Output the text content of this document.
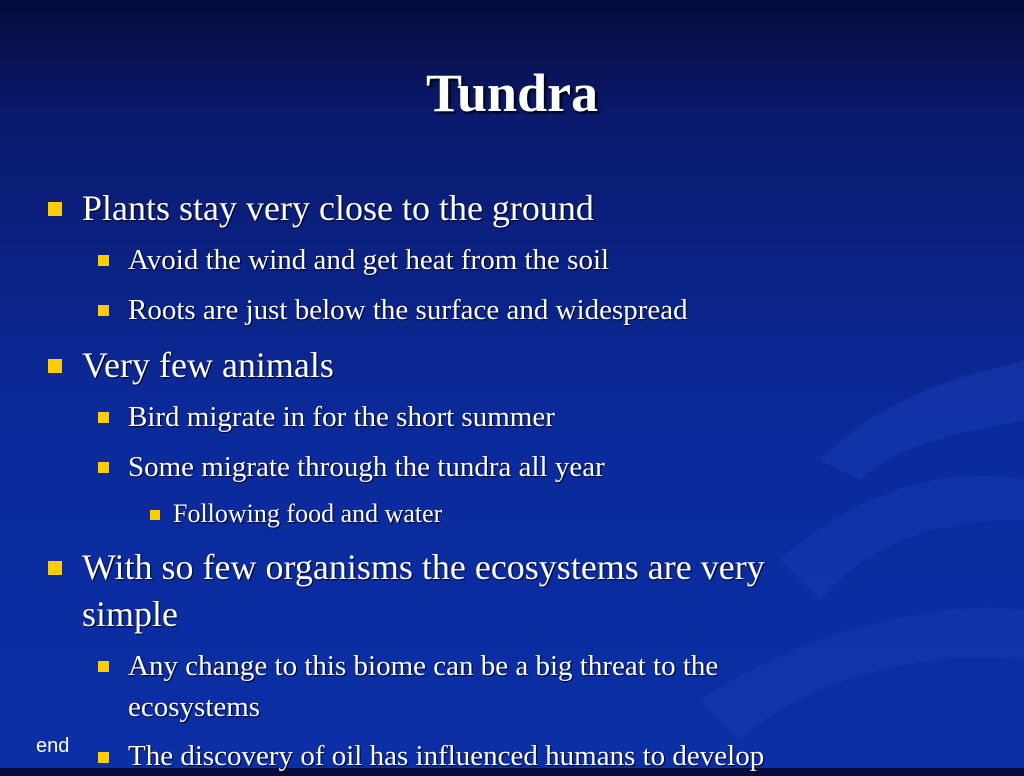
Tundra
Plants stay very close to the ground
Avoid the wind and get heat from the soil
Roots are just below the surface and widespread
Very few animals
Bird migrate in for the short summer
Some migrate through the tundra all year
Following food and water
With so few organisms the ecosystems are very
simple
Any change to this biome can be a big threat to the
ecosystems
The discovery of oil has influenced humans to develop
end
